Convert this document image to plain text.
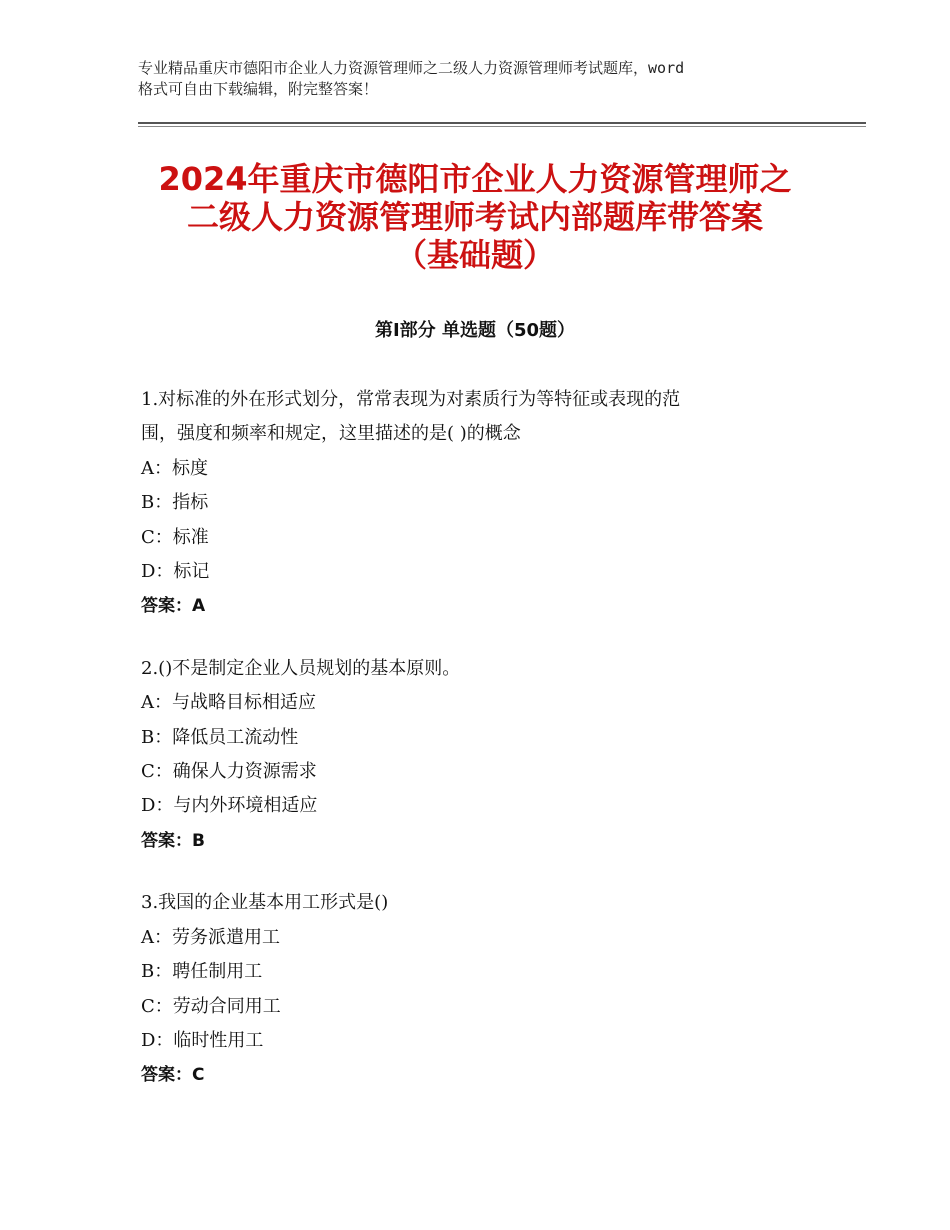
专业精品重庆市德阳市企业人力资源管理师之二级人力资源管理师考试题库，word
格式可自由下载编辑，附完整答案！
2024年重庆市德阳市企业人力资源管理师之
二级人力资源管理师考试内部题库带答案
（基础题）
第Ⅰ部分 单选题（50题）
1.对标准的外在形式划分，常常表现为对素质行为等特征或表现的范
围，强度和频率和规定，这里描述的是( )的概念
A：标度
B：指标
C：标准
D：标记
答案：A
2.()不是制定企业人员规划的基本原则。
A：与战略目标相适应
B：降低员工流动性
C：确保人力资源需求
D：与内外环境相适应
答案：B
3.我国的企业基本用工形式是()
A：劳务派遣用工
B：聘任制用工
C：劳动合同用工
D：临时性用工
答案：C
